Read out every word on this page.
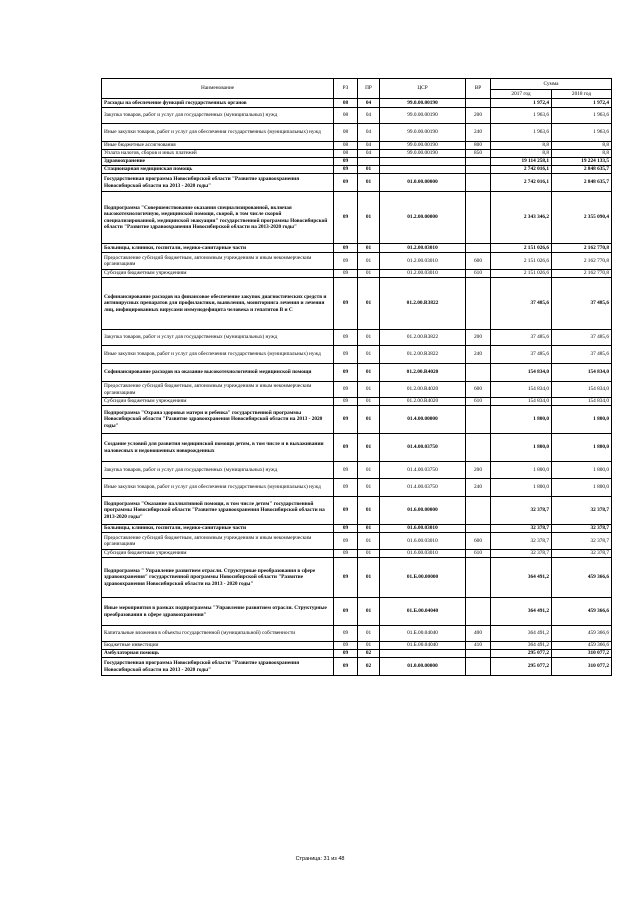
Наименование	РЗ	ПР	ЦСР	ВР	Сумма	
					2017 год	2018 год
Расходы на обеспечение функций государственных органов	08	04	99.0.00.00190		1 972,4	1 972,4
Закупка товаров, работ и услуг для государственных (муниципальных) нужд	08	04	99.0.00.00190	200	1 963,6	1 963,6
Иные закупки товаров, работ и услуг для обеспечения государственных (муниципальных) нужд	08	04	99.0.00.00190	240	1 963,6	1 963,6
Иные бюджетные ассигнования	08	04	99.0.00.00190	800	8,8	8,8
Уплата налогов, сборов и иных платежей	08	04	99.0.00.00190	850	8,8	8,8
Здравоохранение	09				19 114 258,1	19 224 133,5
Стационарная медицинская помощь	09	01			2 742 016,1	2 848 635,7
Государственная программа Новосибирской области "Развитие здравоохранения Новосибирской области на 2013 - 2020 годы"	09	01	01.0.00.00000		2 742 016,1	2 848 635,7
Подпрограмма "Совершенствование оказания специализированной, включая высокотехнологичную, медицинской помощи, скорой, в том числе скорой специализированной, медицинской эвакуации" государственной программы Новосибирской области "Развитие здравоохранения Новосибирской области на 2013-2020 годы"	09	01	01.2.00.00000		2 343 346,2	2 355 090,4
Больницы, клиники, госпитали, медико-санитарные части	09	01	01.2.00.03010		2 151 026,6	2 162 770,8
Предоставление субсидий бюджетным, автономным учреждениям и иным некоммерческим организациям	09	01	01.2.00.03010	600	2 151 026,6	2 162 770,8
Субсидии бюджетным учреждениям	09	01	01.2.00.03010	610	2 151 026,6	2 162 770,8
Софинансирование расходов на финансовое обеспечение закупок диагностических средств и антивирусных препаратов для профилактики, выявления, мониторинга лечения и лечения лиц, инфицированных вирусами иммунодефицита человека и гепатитов B и C	09	01	01.2.00.R3822		37 485,6	37 485,6
Закупка товаров, работ и услуг для государственных (муниципальных) нужд	09	01	01.2.00.R3822	200	37 485,6	37 485,6
Иные закупки товаров, работ и услуг для обеспечения государственных (муниципальных) нужд	09	01	01.2.00.R3822	240	37 485,6	37 485,6
Софинансирование расходов на оказание высокотехнологичной медицинской помощи	09	01	01.2.00.R4020		154 834,0	154 834,0
Предоставление субсидий бюджетным, автономным учреждениям и иным некоммерческим организациям	09	01	01.2.00.R4020	600	154 834,0	154 834,0
Субсидии бюджетным учреждениям	09	01	01.2.00.R4020	610	154 834,0	154 834,0
Подпрограмма "Охрана здоровья матери и ребенка" государственной программы Новосибирской области "Развитие здравоохранения Новосибирской области на 2013 - 2020 годы"	09	01	01.4.00.00000		1 800,0	1 800,0
Создание условий для развития медицинской помощи детям, в том числе и в выхаживании маловесных и недоношенных новорожденных	09	01	01.4.00.03750		1 800,0	1 800,0
Закупка товаров, работ и услуг для государственных (муниципальных) нужд	09	01	01.4.00.03750	200	1 800,0	1 800,0
Иные закупки товаров, работ и услуг для обеспечения государственных (муниципальных) нужд	09	01	01.4.00.03750	240	1 800,0	1 800,0
Подпрограмма "Оказание паллиативной помощи, в том числе детям" государственной программы Новосибирской области "Развитие здравоохранения Новосибирской области на 2013-2020 годы"	09	01	01.6.00.00000		32 378,7	32 378,7
Больницы, клиники, госпитали, медико-санитарные части	09	01	01.6.00.03010		32 378,7	32 378,7
Предоставление субсидий бюджетным, автономным учреждениям и иным некоммерческим организациям	09	01	01.6.00.03010	600	32 378,7	32 378,7
Субсидии бюджетным учреждениям	09	01	01.6.00.03010	610	32 378,7	32 378,7
Подпрограмма " Управление развитием отрасли. Структурные преобразования в сфере здравоохранения" государственной программы Новосибирской области "Развитие здравоохранения Новосибирской области на 2013 - 2020 годы"	09	01	01.Б.00.00000		364 491,2	459 366,6
Иные мероприятия в рамках подпрограммы "Управление развитием отрасли. Структурные преобразования в сфере здравоохранения"	09	01	01.Б.00.04040		364 491,2	459 366,6
Капитальные вложения в объекты государственной (муниципальной) собственности	09	01	01.Б.00.04040	400	364 491,2	459 366,6
Бюджетные инвестиции	09	01	01.Б.00.04040	410	364 491,2	459 366,6
Амбулаторная помощь	09	02			295 077,2	310 077,2
Государственная программа Новосибирской области "Развитие здравоохранения Новосибирской области на 2013 - 2020 годы"	09	02	01.0.00.00000		295 077,2	310 077,2
Страница: 31 из 48
